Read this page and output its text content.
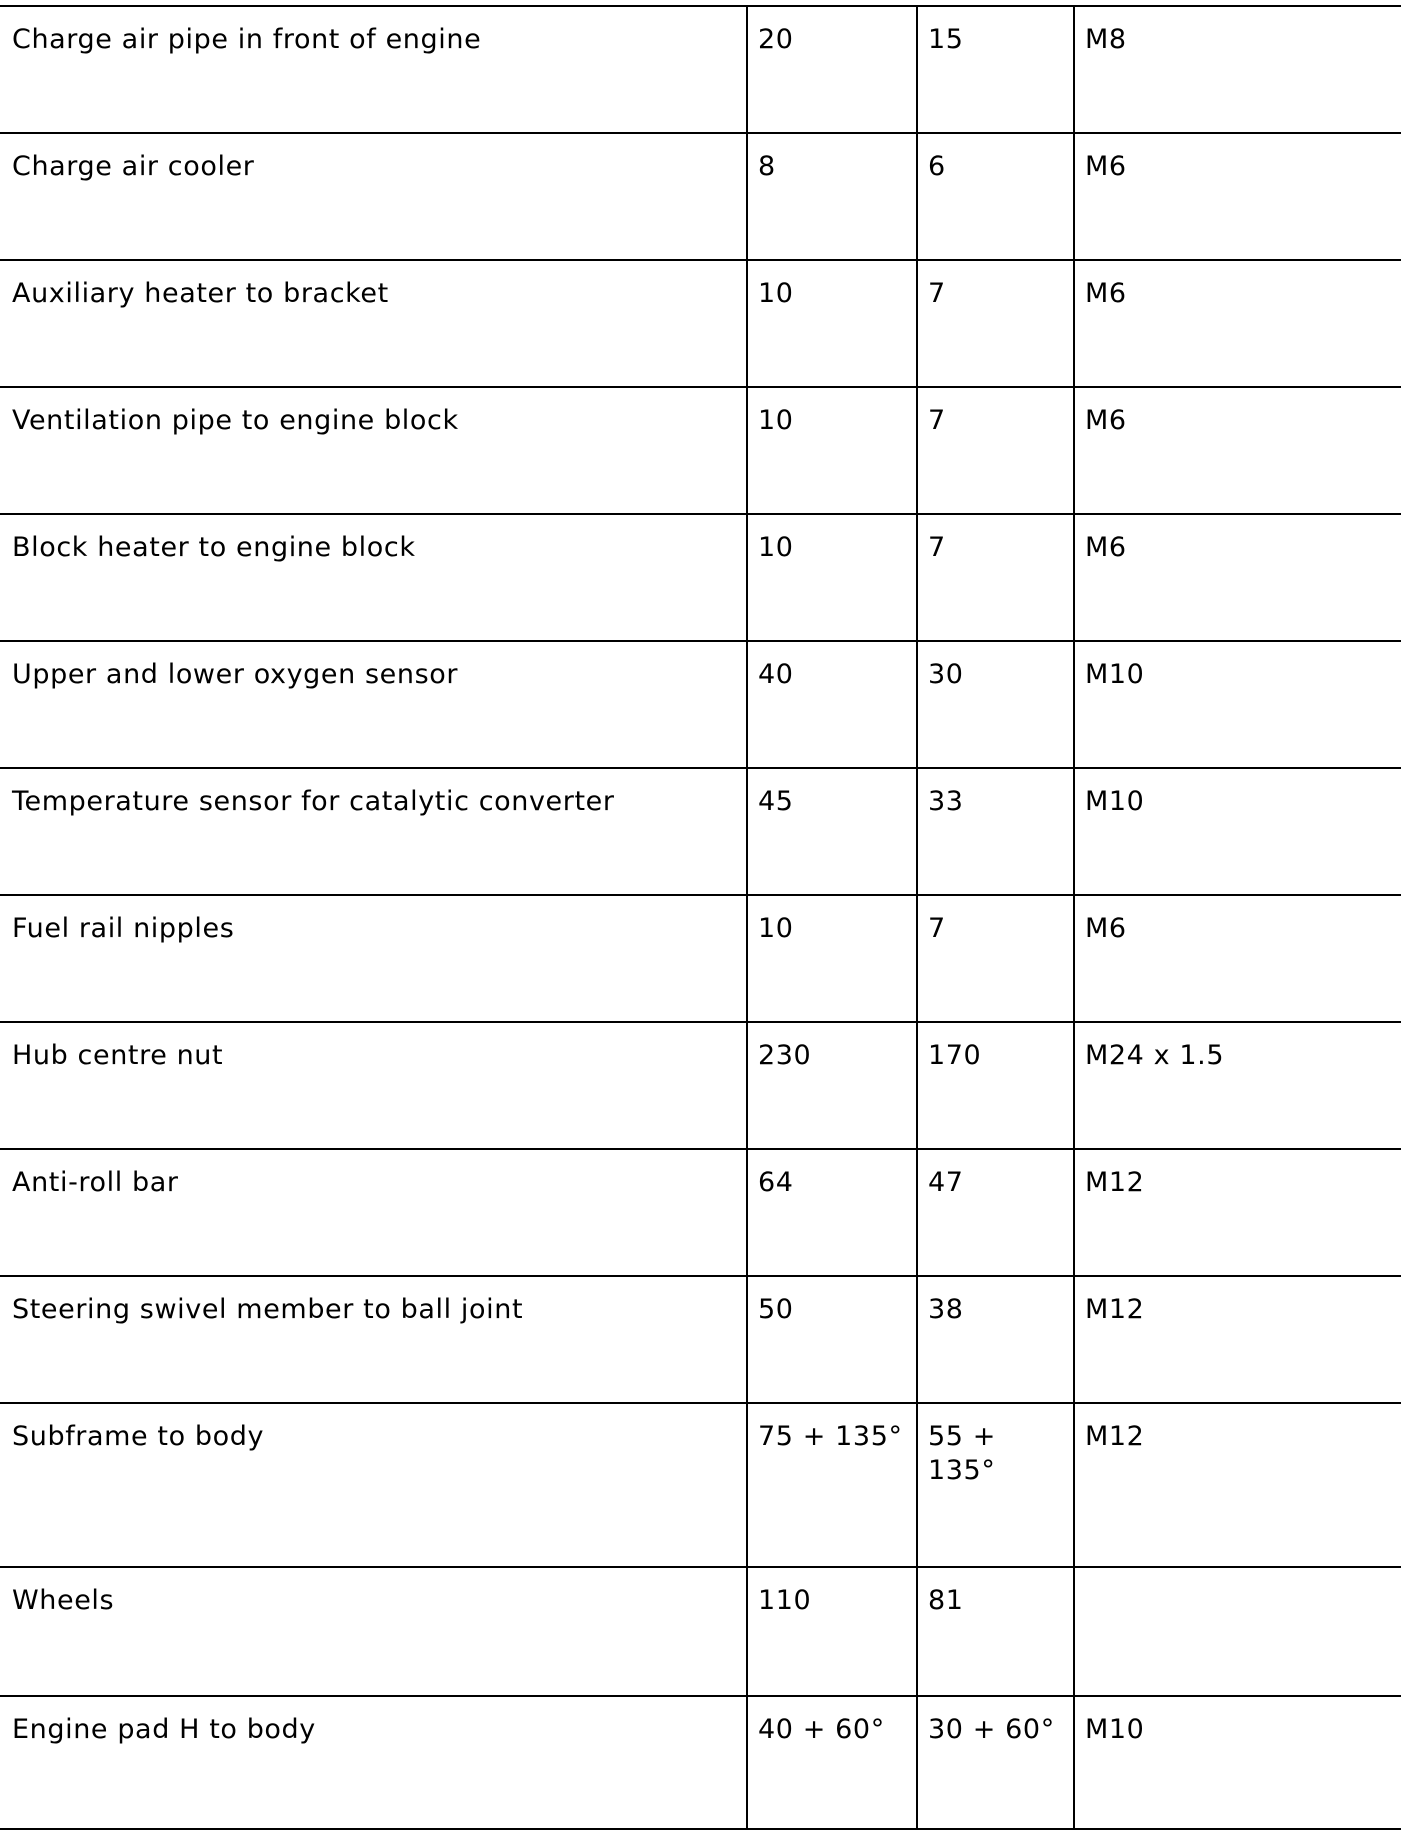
Charge air pipe in front of engine	20	15	M8
Charge air cooler	8	6	M6
Auxiliary heater to bracket	10	7	M6
Ventilation pipe to engine block	10	7	M6
Block heater to engine block	10	7	M6
Upper and lower oxygen sensor	40	30	M10
Temperature sensor for catalytic converter	45	33	M10
Fuel rail nipples	10	7	M6
Hub centre nut	230	170	M24 x 1.5
Anti-roll bar	64	47	M12
Steering swivel member to ball joint	50	38	M12
Subframe to body	75 + 135°	55 + 135°	M12
Wheels	110	81	
Engine pad H to body	40 + 60°	30 + 60°	M10
